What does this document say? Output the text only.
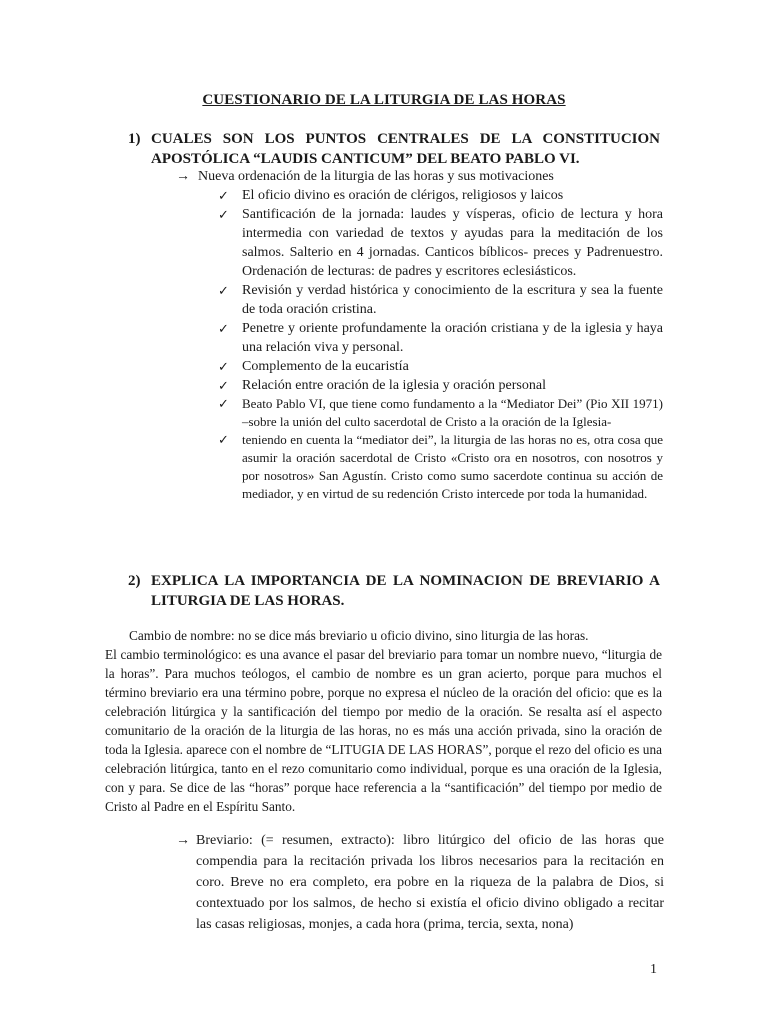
CUESTIONARIO DE LA LITURGIA DE LAS HORAS
1) CUALES SON LOS PUNTOS CENTRALES DE LA CONSTITUCION APOSTÓLICA “LAUDIS CANTICUM” DEL BEATO PABLO VI.
→ Nueva ordenación de la liturgia de las horas y sus motivaciones
✓ El oficio divino es oración de clérigos, religiosos y laicos
✓ Santificación de la jornada: laudes y vísperas, oficio de lectura y hora intermedia con variedad de textos y ayudas para la meditación de los salmos. Salterio en 4 jornadas. Canticos bíblicos- preces y Padrenuestro. Ordenación de lecturas: de padres y escritores eclesiásticos.
✓ Revisión y verdad histórica y conocimiento de la escritura y sea la fuente de toda oración cristina.
✓ Penetre y oriente profundamente la oración cristiana y de la iglesia y haya una relación viva y personal.
✓ Complemento de la eucaristía
✓ Relación entre oración de la iglesia y oración personal
✓ Beato Pablo VI, que tiene como fundamento a la “Mediator Dei” (Pio XII 1971) –sobre la unión del culto sacerdotal de Cristo a la oración de la Iglesia-
✓ teniendo en cuenta la “mediator dei”, la liturgia de las horas no es, otra cosa que asumir la oración sacerdotal de Cristo «Cristo ora en nosotros, con nosotros y por nosotros» San Agustín. Cristo como sumo sacerdote continua su acción de mediador, y en virtud de su redención Cristo intercede por toda la humanidad.
2) EXPLICA LA IMPORTANCIA DE LA NOMINACION DE BREVIARIO A LITURGIA DE LAS HORAS.

Cambio de nombre: no se dice más breviario u oficio divino, sino liturgia de las horas.

El cambio terminológico: es una avance el pasar del breviario para tomar un nombre nuevo, “liturgia de la horas”. Para muchos teólogos, el cambio de nombre es un gran acierto, porque para muchos el término breviario era una término pobre, porque no expresa el núcleo de la oración del oficio: que es la celebración litúrgica y la santificación del tiempo por medio de la oración. Se resalta así el aspecto comunitario de la oración de la liturgia de las horas, no es más una acción privada, sino la oración de toda la Iglesia. aparece con el nombre de “LITUGIA DE LAS HORAS”, porque el rezo del oficio es una celebración litúrgica, tanto en el rezo comunitario como individual, porque es una oración de la Iglesia, con y para. Se dice de las “horas” porque hace referencia a la “santificación” del tiempo por medio de Cristo al Padre en el Espíritu Santo.

→ Breviario: (= resumen, extracto): libro litúrgico del oficio de las horas que compendia para la recitación privada los libros necesarios para la recitación en coro. Breve no era completo, era pobre en la riqueza de la palabra de Dios, si contextuado por los salmos, de hecho si existía el oficio divino obligado a recitar las casas religiosas, monjes, a cada hora (prima, tercia, sexta, nona)
1
